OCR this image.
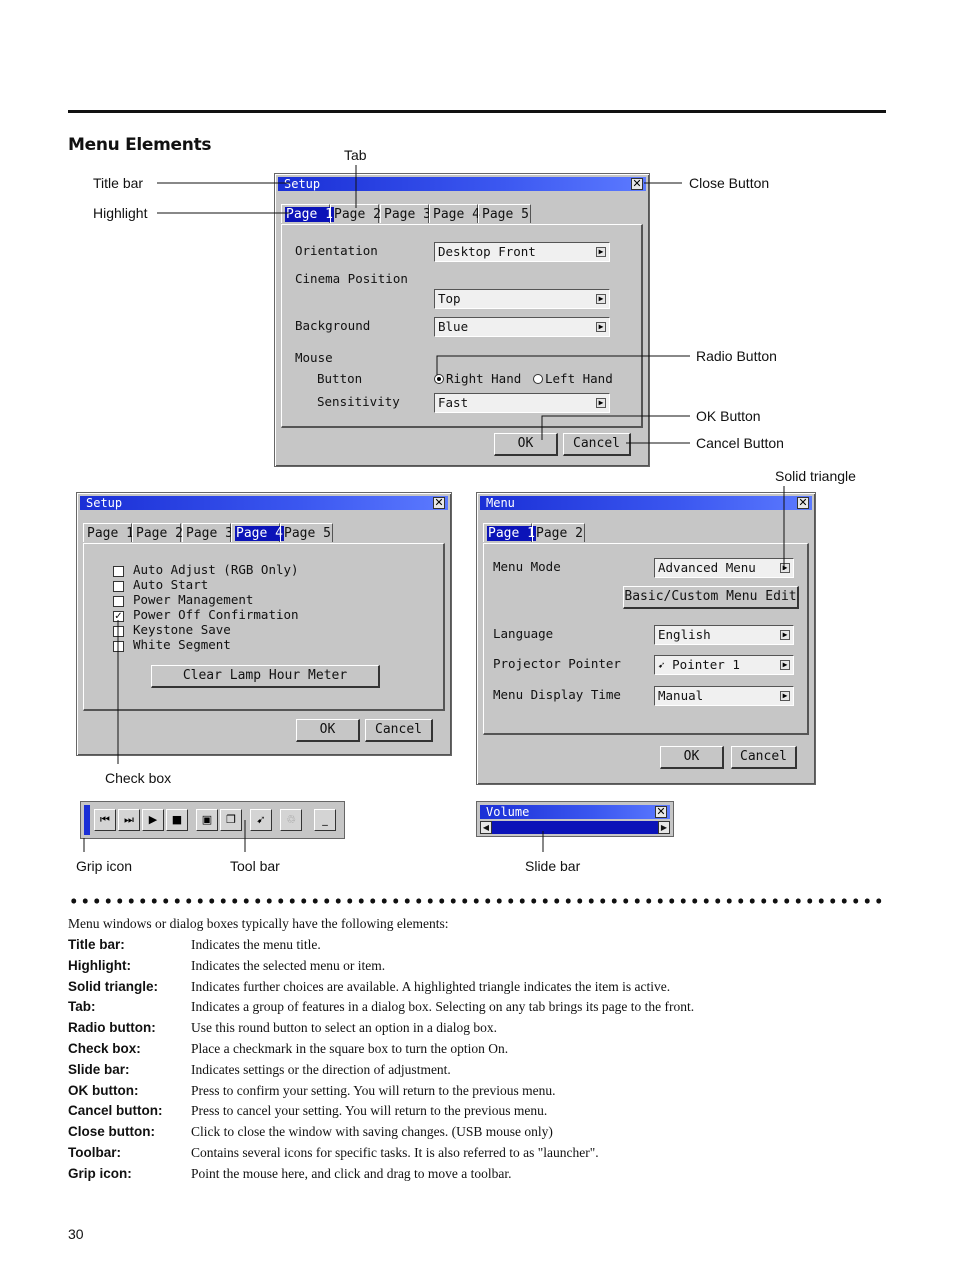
Menu Elements
Title bar
Tab
Close Button
Highlight
Radio Button
OK Button
Cancel Button
Solid triangle
Check box
Grip icon	Tool bar	Slide bar
Setup	✕
Page 1 Page 2 Page 3 Page 4 Page 5
Orientation	Desktop Front	▶
Cinema Position
Top	▶
Background	Blue	▶
Mouse
Button	Right Hand Left Hand
Sensitivity	Fast	▶
OK	Cancel
Setup	✕
Page 1 Page 2 Page 3 Page 4 Page 5
Auto Adjust (RGB Only)
Auto Start
Power Management
✓ Power Off Confirmation
Keystone Save
White Segment
Clear Lamp Hour Meter
OK	Cancel
Menu	✕
Page 1 Page 2
Menu Mode	Advanced Menu	▶
Basic/Custom Menu Edit
Language	English	▶
Projector Pointer	➹ Pointer 1	▶
Menu Display Time	Manual	▶
OK	Cancel
⏮	⏭	▶	■	▣	❐	➹	♲	_
Volume	✕
◀	▶
Menu windows or dialog boxes typically have the following elements:
Title bar:	Indicates the menu title.
Highlight:	Indicates the selected menu or item.
Solid triangle: Indicates further choices are available. A highlighted triangle indicates the item is active.
Tab:	Indicates a group of features in a dialog box. Selecting on any tab brings its page to the front.
Radio button:	Use this round button to select an option in a dialog box.
Check box:	Place a checkmark in the square box to turn the option On.
Slide bar:	Indicates settings or the direction of adjustment.
OK button:	Press to confirm your setting. You will return to the previous menu.
Cancel button: Press to cancel your setting. You will return to the previous menu.
Close button:	Click to close the window with saving changes. (USB mouse only)
Toolbar:	Contains several icons for specific tasks. It is also referred to as "launcher".
Grip icon:	Point the mouse here, and click and drag to move a toolbar.
30
